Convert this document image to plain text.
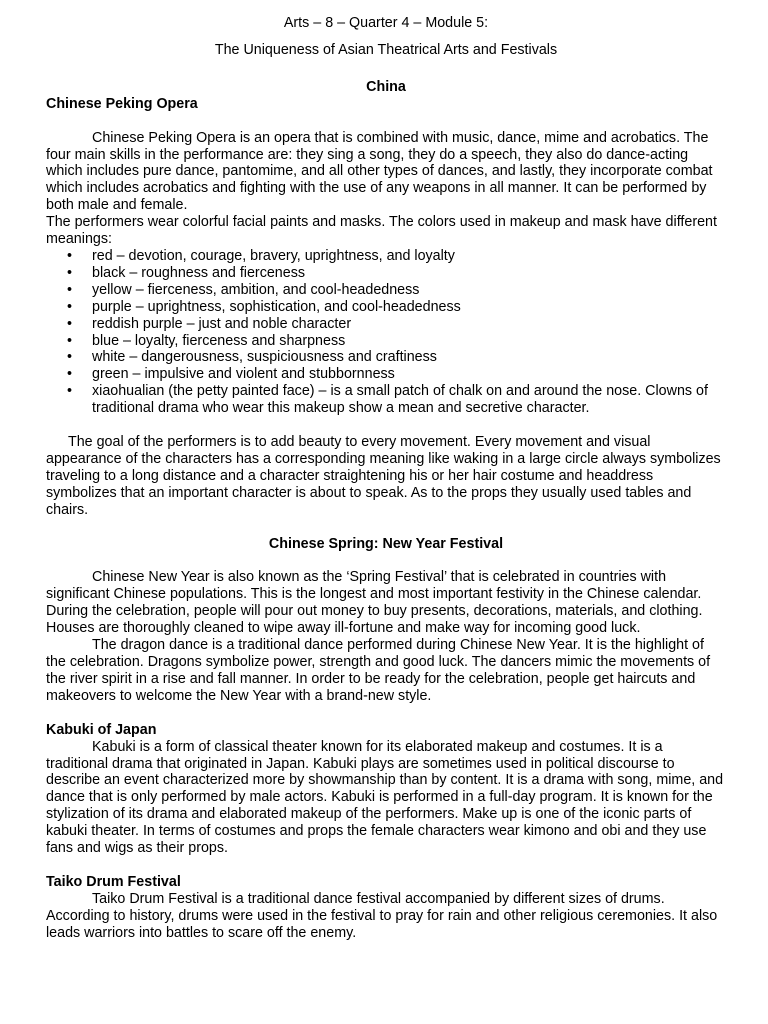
Arts – 8 – Quarter 4 – Module 5:

The Uniqueness of Asian Theatrical Arts and Festivals

China

Chinese Peking Opera

Chinese Peking Opera is an opera that is combined with music, dance, mime and acrobatics. The four main skills in the performance are: they sing a song, they do a speech, they also do dance-acting which includes pure dance, pantomime, and all other types of dances, and lastly, they incorporate combat which includes acrobatics and fighting with the use of any weapons in all manner. It can be performed by both male and female.

The performers wear colorful facial paints and masks. The colors used in makeup and mask have different meanings:

• red – devotion, courage, bravery, uprightness, and loyalty
• black – roughness and fierceness
• yellow – fierceness, ambition, and cool-headedness
• purple – uprightness, sophistication, and cool-headedness
• reddish purple – just and noble character
• blue – loyalty, fierceness and sharpness
• white – dangerousness, suspiciousness and craftiness
• green – impulsive and violent and stubbornness
• xiaohualian (the petty painted face) – is a small patch of chalk on and around the nose. Clowns of traditional drama who wear this makeup show a mean and secretive character.

The goal of the performers is to add beauty to every movement. Every movement and visual appearance of the characters has a corresponding meaning like waking in a large circle always symbolizes traveling to a long distance and a character straightening his or her hair costume and headdress symbolizes that an important character is about to speak. As to the props they usually used tables and chairs.

Chinese Spring: New Year Festival

Chinese New Year is also known as the ‘Spring Festival’ that is celebrated in countries with significant Chinese populations. This is the longest and most important festivity in the Chinese calendar. During the celebration, people will pour out money to buy presents, decorations, materials, and clothing. Houses are thoroughly cleaned to wipe away ill-fortune and make way for incoming good luck.

The dragon dance is a traditional dance performed during Chinese New Year. It is the highlight of the celebration. Dragons symbolize power, strength and good luck. The dancers mimic the movements of the river spirit in a rise and fall manner. In order to be ready for the celebration, people get haircuts and makeovers to welcome the New Year with a brand-new style.

Kabuki of Japan

Kabuki is a form of classical theater known for its elaborated makeup and costumes. It is a traditional drama that originated in Japan. Kabuki plays are sometimes used in political discourse to describe an event characterized more by showmanship than by content. It is a drama with song, mime, and dance that is only performed by male actors. Kabuki is performed in a full-day program. It is known for the stylization of its drama and elaborated makeup of the performers. Make up is one of the iconic parts of kabuki theater. In terms of costumes and props the female characters wear kimono and obi and they use fans and wigs as their props.

Taiko Drum Festival

Taiko Drum Festival is a traditional dance festival accompanied by different sizes of drums. According to history, drums were used in the festival to pray for rain and other religious ceremonies. It also leads warriors into battles to scare off the enemy.
